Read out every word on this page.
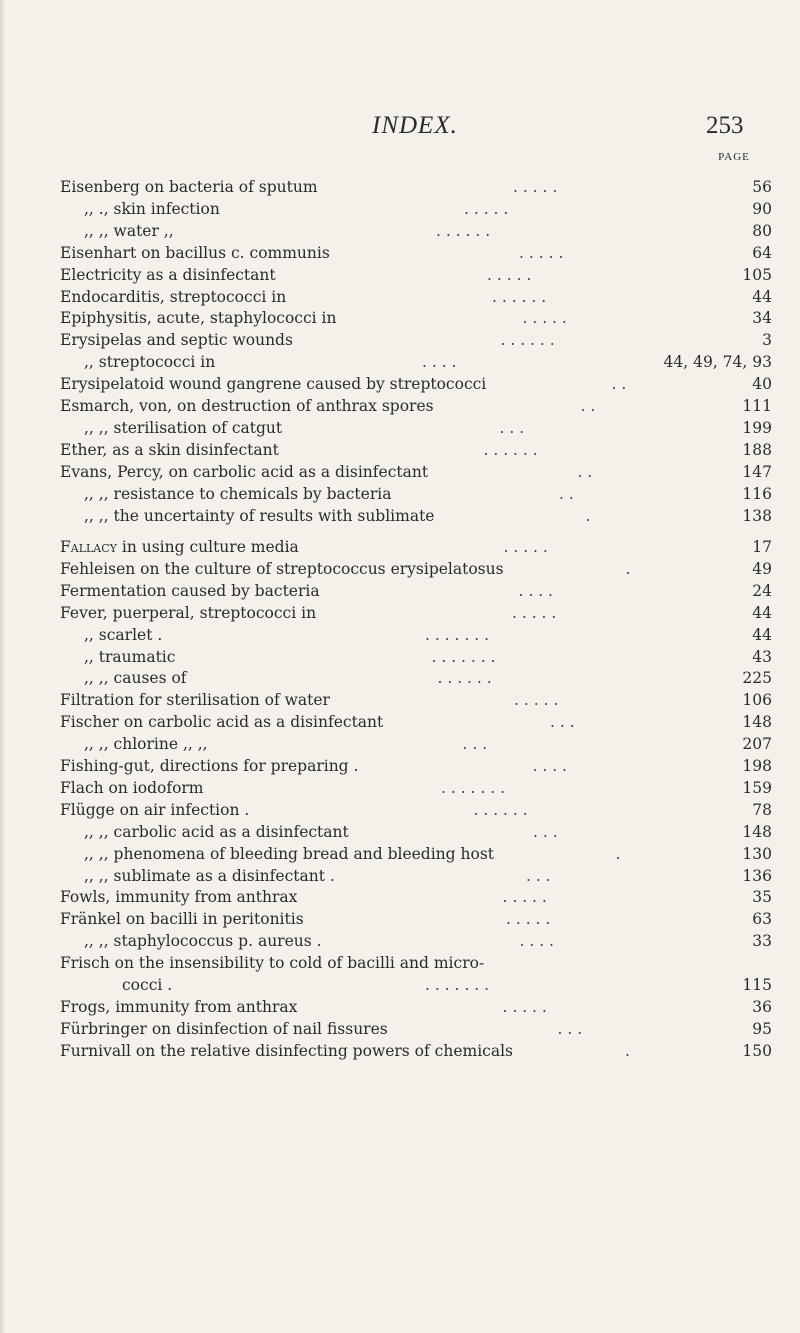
INDEX.	253
PAGE
Eisenberg on bacteria of sputum	56
. . . . .
,, ., skin infection	90
. . . . .
,, ,, water ,,	80
. . . . . .
Eisenhart on bacillus c. communis	64
. . . . .
Electricity as a disinfectant	105
. . . . .
Endocarditis, streptococci in	44
. . . . . .
Epiphysitis, acute, staphylococci in	34
. . . . .
Erysipelas and septic wounds	3
. . . . . .
,, streptococci in	44, 49, 74, 93
. . . .
Erysipelatoid wound gangrene caused by streptococci	40
. .
Esmarch, von, on destruction of anthrax spores	111
. .
,, ,, sterilisation of catgut	199
. . .
Ether, as a skin disinfectant	188
. . . . . .
Evans, Percy, on carbolic acid as a disinfectant	147
. .
,, ,, resistance to chemicals by bacteria	116
. .
,, ,, the uncertainty of results with sublimate	138
.
Fallacy in using culture media	17
. . . . .
Fehleisen on the culture of streptococcus erysipelatosus	49
.
Fermentation caused by bacteria	24
. . . .
Fever, puerperal, streptococci in	44
. . . . .
,, scarlet .	44
. . . . . . .
,, traumatic	43
. . . . . . .
,, ,, causes of	225
. . . . . .
Filtration for sterilisation of water	106
. . . . .
Fischer on carbolic acid as a disinfectant	148
. . .
,, ,, chlorine ,, ,,	207
. . .
Fishing-gut, directions for preparing .	198
. . . .
Flach on iodoform	159
. . . . . . .
Flügge on air infection .	78
. . . . . .
,, ,, carbolic acid as a disinfectant	148
. . .
,, ,, phenomena of bleeding bread and bleeding host	130
.
,, ,, sublimate as a disinfectant .	136
. . .
Fowls, immunity from anthrax	35
. . . . .
Fränkel on bacilli in peritonitis	63
. . . . .
,, ,, staphylococcus p. aureus .	33
. . . .
Frisch on the insensibility to cold of bacilli and micro-
cocci .	115
. . . . . . .
Frogs, immunity from anthrax	36
. . . . .
Fürbringer on disinfection of nail fissures	95
. . .
Furnivall on the relative disinfecting powers of chemicals	150
.
